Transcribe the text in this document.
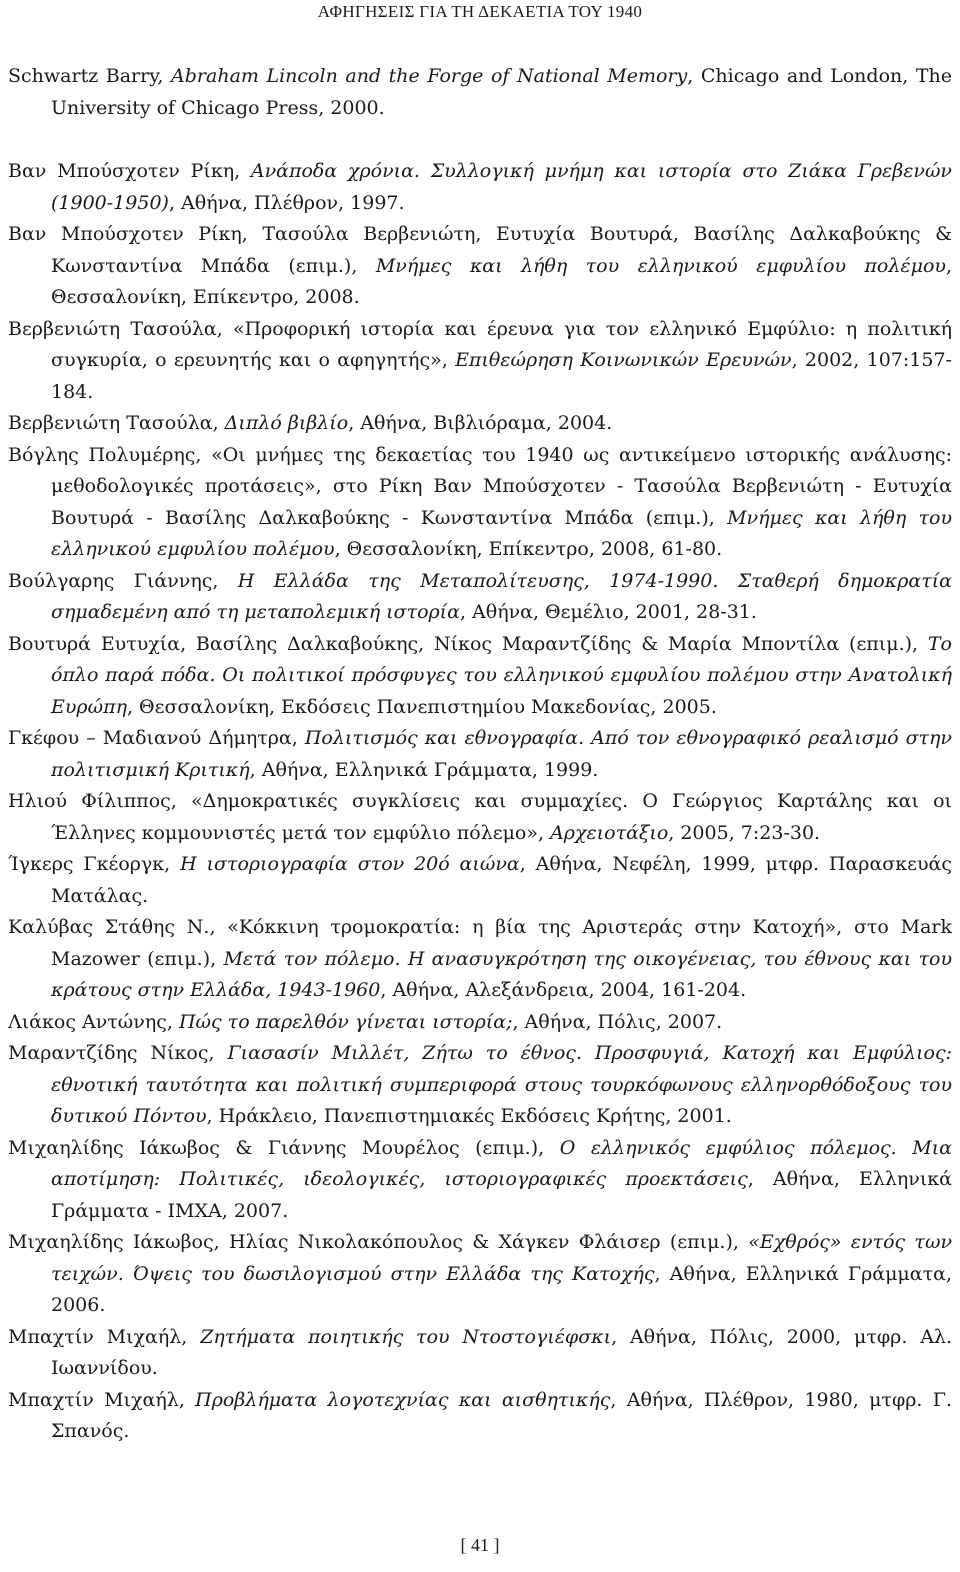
ΑΦΗΓΗΣΕΙΣ ΓΙΑ ΤΗ ΔΕΚΑΕΤΙΑ ΤΟΥ 1940

Schwartz Barry, Abraham Lincoln and the Forge of National Memory, Chicago and London, The University of Chicago Press, 2000.

Βαν Μπούσχοτεν Ρίκη, Ανάποδα χρόνια. Συλλογική μνήμη και ιστορία στο Ζιάκα Γρεβενών (1900-1950), Αθήνα, Πλέθρον, 1997.

Βαν Μπούσχοτεν Ρίκη, Τασούλα Βερβενιώτη, Ευτυχία Βουτυρά, Βασίλης Δαλκαβούκης & Κωνσταντίνα Μπάδα (επιμ.), Μνήμες και λήθη του ελληνικού εμφυλίου πολέμου, Θεσσαλονίκη, Επίκεντρο, 2008.

Βερβενιώτη Τασούλα, «Προφορική ιστορία και έρευνα για τον ελληνικό Εμφύλιο: η πολιτική συγκυρία, ο ερευνητής και ο αφηγητής», Επιθεώρηση Κοινωνικών Ερευνών, 2002, 107:157-184.

Βερβενιώτη Τασούλα, Διπλό βιβλίο, Αθήνα, Βιβλιόραμα, 2004.

Βόγλης Πολυμέρης, «Οι μνήμες της δεκαετίας του 1940 ως αντικείμενο ιστορικής ανάλυσης: μεθοδολογικές προτάσεις», στο Ρίκη Βαν Μπούσχοτεν - Τασούλα Βερβενιώτη - Ευτυχία Βουτυρά - Βασίλης Δαλκαβούκης - Κωνσταντίνα Μπάδα (επιμ.), Μνήμες και λήθη του ελληνικού εμφυλίου πολέμου, Θεσσαλονίκη, Επίκεντρο, 2008, 61-80.

Βούλγαρης Γιάννης, Η Ελλάδα της Μεταπολίτευσης, 1974-1990. Σταθερή δημοκρατία σημαδεμένη από τη μεταπολεμική ιστορία, Αθήνα, Θεμέλιο, 2001, 28-31.

Βουτυρά Ευτυχία, Βασίλης Δαλκαβούκης, Νίκος Μαραντζίδης & Μαρία Μποντίλα (επιμ.), Το όπλο παρά πόδα. Οι πολιτικοί πρόσφυγες του ελληνικού εμφυλίου πολέμου στην Ανατολική Ευρώπη, Θεσσαλονίκη, Εκδόσεις Πανεπιστημίου Μακεδονίας, 2005.

Γκέφου – Μαδιανού Δήμητρα, Πολιτισμός και εθνογραφία. Από τον εθνογραφικό ρεαλισμό στην πολιτισμική Κριτική, Αθήνα, Ελληνικά Γράμματα, 1999.

Ηλιού Φίλιππος, «Δημοκρατικές συγκλίσεις και συμμαχίες. Ο Γεώργιος Καρτάλης και οι Έλληνες κομμουνιστές μετά τον εμφύλιο πόλεμο», Αρχειοτάξιο, 2005, 7:23-30.

Ίγκερς Γκέοργκ, Η ιστοριογραφία στον 20ό αιώνα, Αθήνα, Νεφέλη, 1999, μτφρ. Παρασκευάς Ματάλας.

Καλύβας Στάθης Ν., «Κόκκινη τρομοκρατία: η βία της Αριστεράς στην Κατοχή», στο Mark Mazower (επιμ.), Μετά τον πόλεμο. Η ανασυγκρότηση της οικογένειας, του έθνους και του κράτους στην Ελλάδα, 1943-1960, Αθήνα, Αλεξάνδρεια, 2004, 161-204.

Λιάκος Αντώνης, Πώς το παρελθόν γίνεται ιστορία;, Αθήνα, Πόλις, 2007.

Μαραντζίδης Νίκος, Γιασασίν Μιλλέτ, Ζήτω το έθνος. Προσφυγιά, Κατοχή και Εμφύλιος: εθνοτική ταυτότητα και πολιτική συμπεριφορά στους τουρκόφωνους ελληνορθόδοξους του δυτικού Πόντου, Ηράκλειο, Πανεπιστημιακές Εκδόσεις Κρήτης, 2001.

Μιχαηλίδης Ιάκωβος & Γιάννης Μουρέλος (επιμ.), Ο ελληνικός εμφύλιος πόλεμος. Μια αποτίμηση: Πολιτικές, ιδεολογικές, ιστοριογραφικές προεκτάσεις, Αθήνα, Ελληνικά Γράμματα - ΙΜΧΑ, 2007.

Μιχαηλίδης Ιάκωβος, Ηλίας Νικολακόπουλος & Χάγκεν Φλάισερ (επιμ.), «Εχθρός» εντός των τειχών. Όψεις του δωσιλογισμού στην Ελλάδα της Κατοχής, Αθήνα, Ελληνικά Γράμματα, 2006.

Μπαχτίν Μιχαήλ, Ζητήματα ποιητικής του Ντοστογιέφσκι, Αθήνα, Πόλις, 2000, μτφρ. Αλ. Ιωαννίδου.

Μπαχτίν Μιχαήλ, Προβλήματα λογοτεχνίας και αισθητικής, Αθήνα, Πλέθρον, 1980, μτφρ. Γ. Σπανός.

[ 41 ]
